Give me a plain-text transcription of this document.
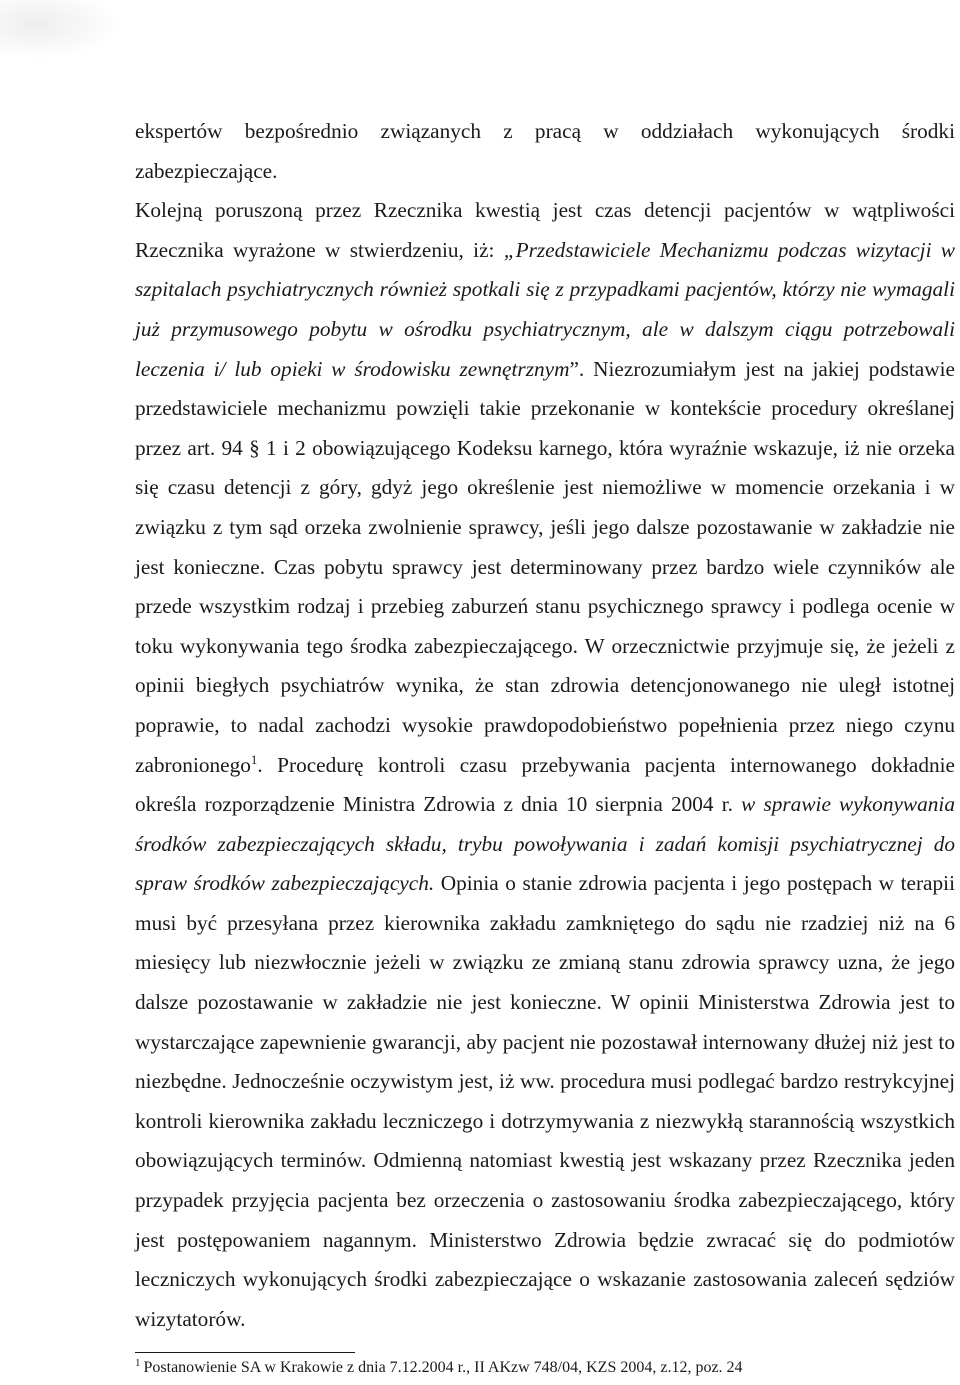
ekspertów bezpośrednio związanych z pracą w oddziałach wykonujących środki zabezpieczające.

Kolejną poruszoną przez Rzecznika kwestią jest czas detencji pacjentów w wątpliwości Rzecznika wyrażone w stwierdzeniu, iż: „Przedstawiciele Mechanizmu podczas wizytacji w szpitalach psychiatrycznych również spotkali się z przypadkami pacjentów, którzy nie wymagali już przymusowego pobytu w ośrodku psychiatrycznym, ale w dalszym ciągu potrzebowali leczenia i/ lub opieki w środowisku zewnętrznym”. Niezrozumiałym jest na jakiej podstawie przedstawiciele mechanizmu powzięli takie przekonanie w kontekście procedury określanej przez art. 94 § 1 i 2 obowiązującego Kodeksu karnego, która wyraźnie wskazuje, iż nie orzeka się czasu detencji z góry, gdyż jego określenie jest niemożliwe w momencie orzekania i w związku z tym sąd orzeka zwolnienie sprawcy, jeśli jego dalsze pozostawanie w zakładzie nie jest konieczne. Czas pobytu sprawcy jest determinowany przez bardzo wiele czynników ale przede wszystkim rodzaj i przebieg zaburzeń stanu psychicznego sprawcy i podlega ocenie w toku wykonywania tego środka zabezpieczającego. W orzecznictwie przyjmuje się, że jeżeli z opinii biegłych psychiatrów wynika, że stan zdrowia detencjonowanego nie uległ istotnej poprawie, to nadal zachodzi wysokie prawdopodobieństwo popełnienia przez niego czynu zabronionego$^1$. Procedurę kontroli czasu przebywania pacjenta internowanego dokładnie określa rozporządzenie Ministra Zdrowia z dnia 10 sierpnia 2004 r. w sprawie wykonywania środków zabezpieczających składu, trybu powoływania i zadań komisji psychiatrycznej do spraw środków zabezpieczających. Opinia o stanie zdrowia pacjenta i jego postępach w terapii musi być przesyłana przez kierownika zakładu zamkniętego do sądu nie rzadziej niż na 6 miesięcy lub niezwłocznie jeżeli w związku ze zmianą stanu zdrowia sprawcy uzna, że jego dalsze pozostawanie w zakładzie nie jest konieczne. W opinii Ministerstwa Zdrowia jest to wystarczające zapewnienie gwarancji, aby pacjent nie pozostawał internowany dłużej niż jest to niezbędne. Jednocześnie oczywistym jest, iż ww. procedura musi podlegać bardzo restrykcyjnej kontroli kierownika zakładu leczniczego i dotrzymywania z niezwykłą starannością wszystkich obowiązujących terminów. Odmienną natomiast kwestią jest wskazany przez Rzecznika jeden przypadek przyjęcia pacjenta bez orzeczenia o zastosowaniu środka zabezpieczającego, który jest postępowaniem nagannym. Ministerstwo Zdrowia będzie zwracać się do podmiotów leczniczych wykonujących środki zabezpieczające o wskazanie zastosowania zaleceń sędziów wizytatorów.

$^1$ Postanowienie SA w Krakowie z dnia 7.12.2004 r., II AKzw 748/04, KZS 2004, z.12, poz. 24
